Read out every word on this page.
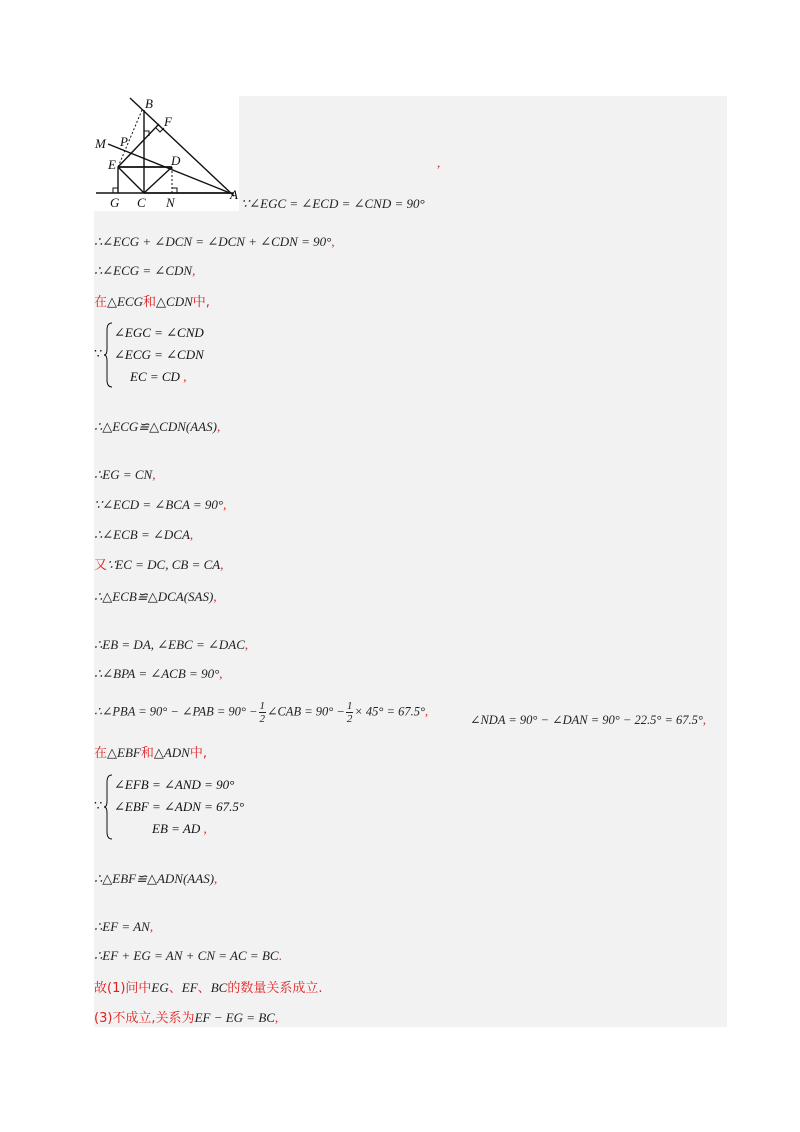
B
F
M P
E	D
G C N
A
∵∠EGC = ∠ECD = ∠CND = 90°
,
∴∠ECG + ∠DCN = ∠DCN + ∠CDN = 90°,
∴∠ECG = ∠CDN,
在△ECG和△CDN中,
∵
∠EGC = ∠CND
∠ECG = ∠CDN
EC = CD ,
∴△ECG≌△CDN(AAS),
∴EG = CN,
∵∠ECD = ∠BCA = 90°,
∴∠ECB = ∠DCA,
又∵EC = DC, CB = CA,
∴△ECB≌△DCA(SAS),
∴EB = DA, ∠EBC = ∠DAC,
∴∠BPA = ∠ACB = 90°,
∴∠PBA = 90° − ∠PAB = $90^\circ - \frac{1}{2}$ ∠CAB = $90^\circ - \frac{1}{2} \times 45^\circ = 67.5^\circ$,
∠NDA = 90° − ∠DAN = 90° − 22.5° = 67.5°,
在△EBF和△ADN中,
∵
∠EFB = ∠AND = 90°
∠EBF = ∠ADN = 67.5°
EB = AD ,
∴△EBF≌△ADN(AAS),
∴EF = AN,
∴EF + EG = AN + CN = AC = BC.
故(1)问中EG、EF、BC的数量关系成立.
(3)不成立,关系为EF − EG = BC,
